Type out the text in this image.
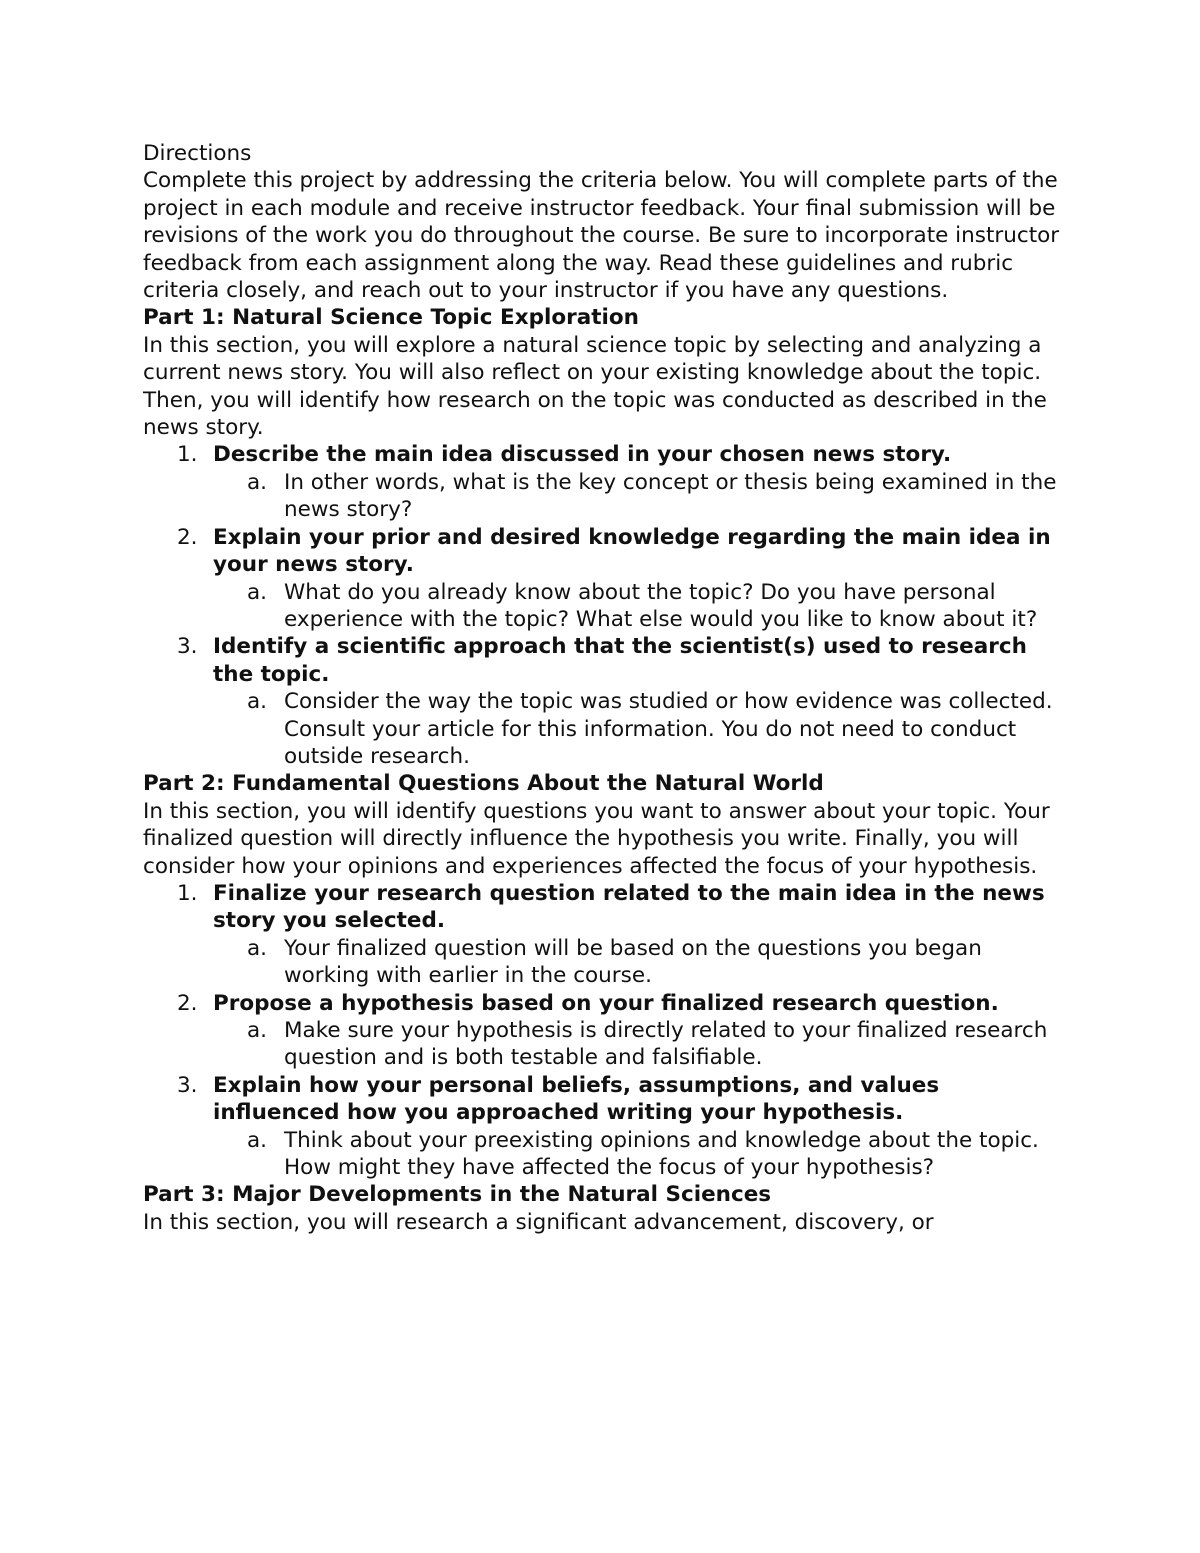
Directions

Complete this project by addressing the criteria below. You will complete parts of the project in each module and receive instructor feedback. Your final submission will be revisions of the work you do throughout the course. Be sure to incorporate instructor feedback from each assignment along the way. Read these guidelines and rubric criteria closely, and reach out to your instructor if you have any questions.

Part 1: Natural Science Topic Exploration

In this section, you will explore a natural science topic by selecting and analyzing a current news story. You will also reflect on your existing knowledge about the topic. Then, you will identify how research on the topic was conducted as described in the news story.

1. Describe the main idea discussed in your chosen news story.
a. In other words, what is the key concept or thesis being examined in the news story?
2. Explain your prior and desired knowledge regarding the main idea in your news story.
a. What do you already know about the topic? Do you have personal experience with the topic? What else would you like to know about it?
3. Identify a scientific approach that the scientist(s) used to research the topic.
a. Consider the way the topic was studied or how evidence was collected. Consult your article for this information. You do not need to conduct outside research.

Part 2: Fundamental Questions About the Natural World

In this section, you will identify questions you want to answer about your topic. Your finalized question will directly influence the hypothesis you write. Finally, you will consider how your opinions and experiences affected the focus of your hypothesis.

1. Finalize your research question related to the main idea in the news story you selected.
a. Your finalized question will be based on the questions you began working with earlier in the course.
2. Propose a hypothesis based on your finalized research question.
a. Make sure your hypothesis is directly related to your finalized research question and is both testable and falsifiable.
3. Explain how your personal beliefs, assumptions, and values influenced how you approached writing your hypothesis.
a. Think about your preexisting opinions and knowledge about the topic. How might they have affected the focus of your hypothesis?

Part 3: Major Developments in the Natural Sciences

In this section, you will research a significant advancement, discovery, or
